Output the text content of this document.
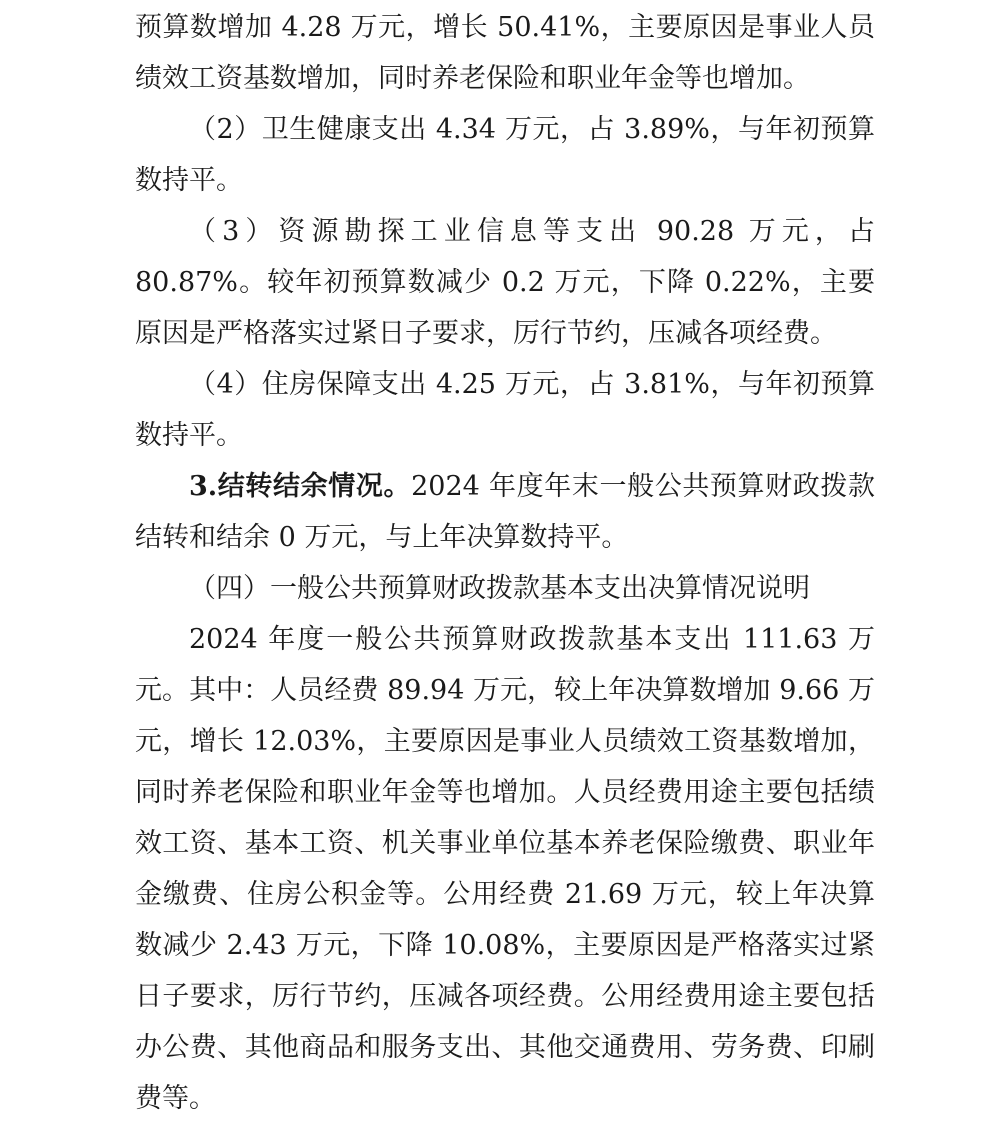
预算数增加 4.28 万元，增长 50.41%，主要原因是事业人员绩效工资基数增加，同时养老保险和职业年金等也增加。

（2）卫生健康支出 4.34 万元，占 3.89%，与年初预算数持平。

（3）资源勘探工业信息等支出 90.28 万元，占 80.87%。较年初预算数减少 0.2 万元，下降 0.22%，主要原因是严格落实过紧日子要求，厉行节约，压减各项经费。

（4）住房保障支出 4.25 万元，占 3.81%，与年初预算数持平。

3.结转结余情况。2024 年度年末一般公共预算财政拨款结转和结余 0 万元，与上年决算数持平。

（四）一般公共预算财政拨款基本支出决算情况说明

2024 年度一般公共预算财政拨款基本支出 111.63 万元。其中：人员经费 89.94 万元，较上年决算数增加 9.66 万元，增长 12.03%，主要原因是事业人员绩效工资基数增加，同时养老保险和职业年金等也增加。人员经费用途主要包括绩效工资、基本工资、机关事业单位基本养老保险缴费、职业年金缴费、住房公积金等。公用经费 21.69 万元，较上年决算数减少 2.43 万元，下降 10.08%，主要原因是严格落实过紧日子要求，厉行节约，压减各项经费。公用经费用途主要包括办公费、其他商品和服务支出、其他交通费用、劳务费、印刷费等。
